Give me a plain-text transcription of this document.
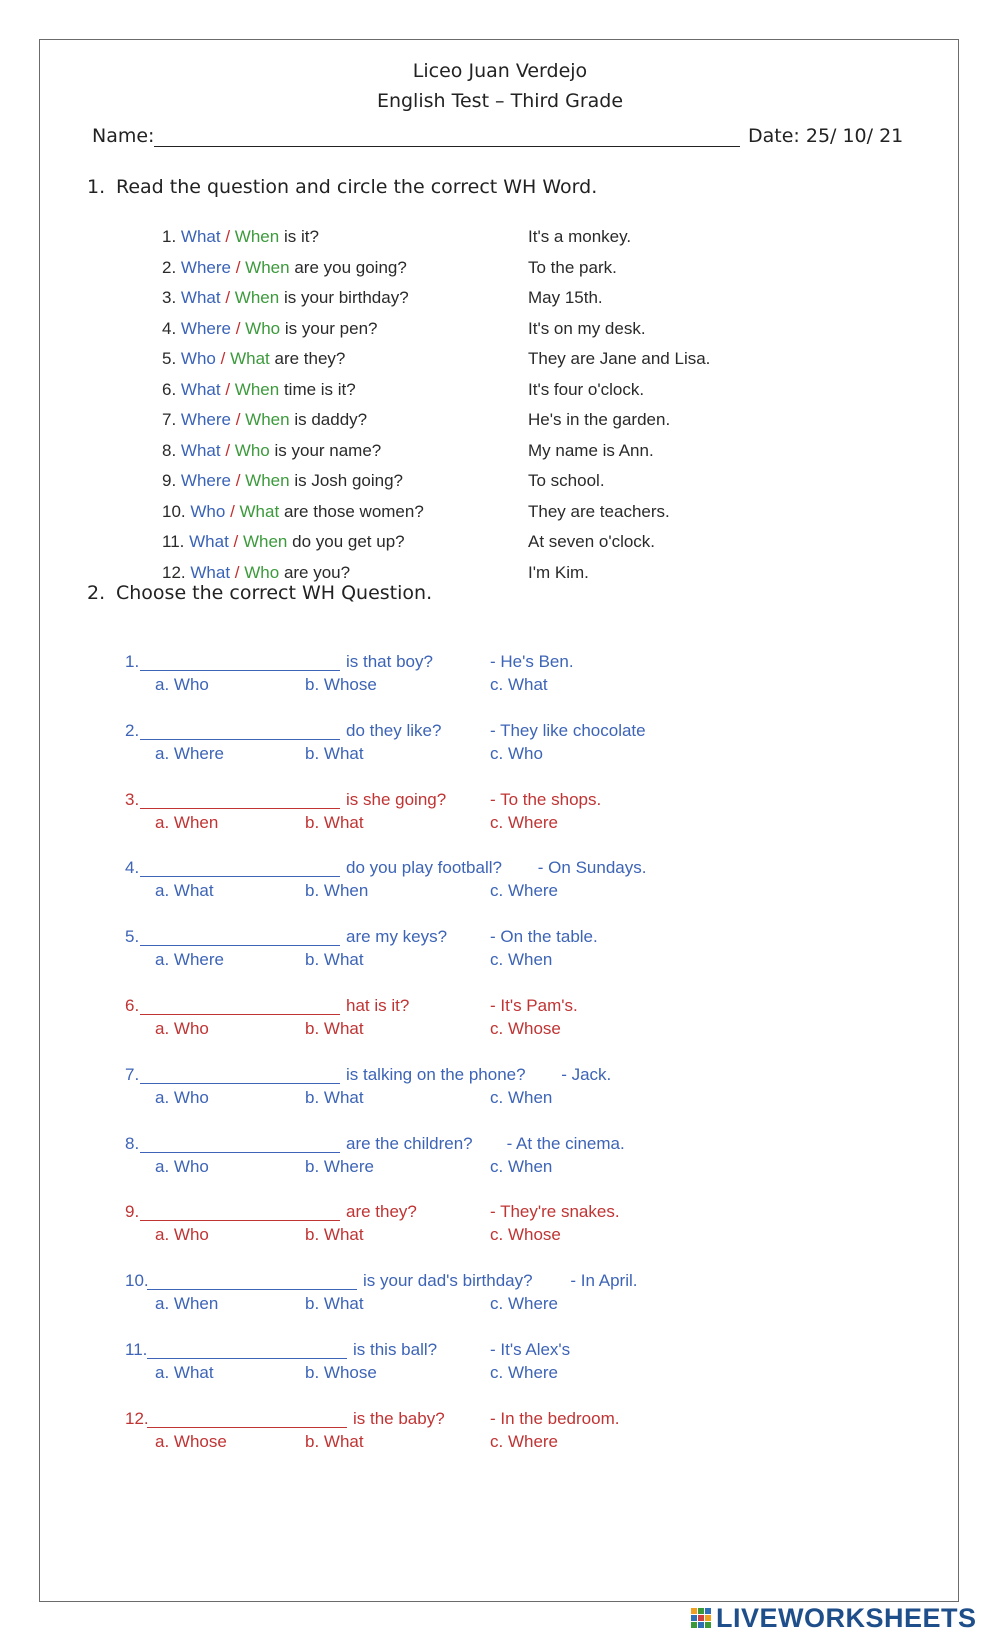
Liceo Juan Verdejo
English Test – Third Grade
Name:	Date: 25/ 10/ 21
1. Read the question and circle the correct WH Word.
1. What / When is it?	It's a monkey.
2. Where / When are you going?	To the park.
3. What / When is your birthday?	May 15th.
4. Where / Who is your pen?	It's on my desk.
5. Who / What are they?	They are Jane and Lisa.
6. What / When time is it?	It's four o'clock.
7. Where / When is daddy?	He's in the garden.
8. What / Who is your name?	My name is Ann.
9. Where / When is Josh going?	To school.
10. Who / What are those women?	They are teachers.
11. What / When do you get up?	At seven o'clock.
12. What / Who are you?	I'm Kim.
2. Choose the correct WH Question.
1.	is that boy?	- He's Ben.
a. Who	b. Whose	c. What
2.	do they like?	- They like chocolate
a. Where	b. What	c. Who
3.	is she going?	- To the shops.
a. When	b. What	c. Where
4.	do you play football? - On Sundays.
a. What	b. When	c. Where
5.	are my keys?	- On the table.
a. Where	b. What	c. When
6.	hat is it?	- It's Pam's.
a. Who	b. What	c. Whose
7.	is talking on the phone? - Jack.
a. Who	b. What	c. When
8.	are the children? - At the cinema.
a. Who	b. Where	c. When
9.	are they?	- They're snakes.
a. Who	b. What	c. Whose
10.	is your dad's birthday? - In April.
a. When	b. What	c. Where
11.	is this ball?	- It's Alex's
a. What	b. Whose	c. Where
12.	is the baby?	- In the bedroom.
a. Whose	b. What	c. Where
LIVEWORKSHEETS
